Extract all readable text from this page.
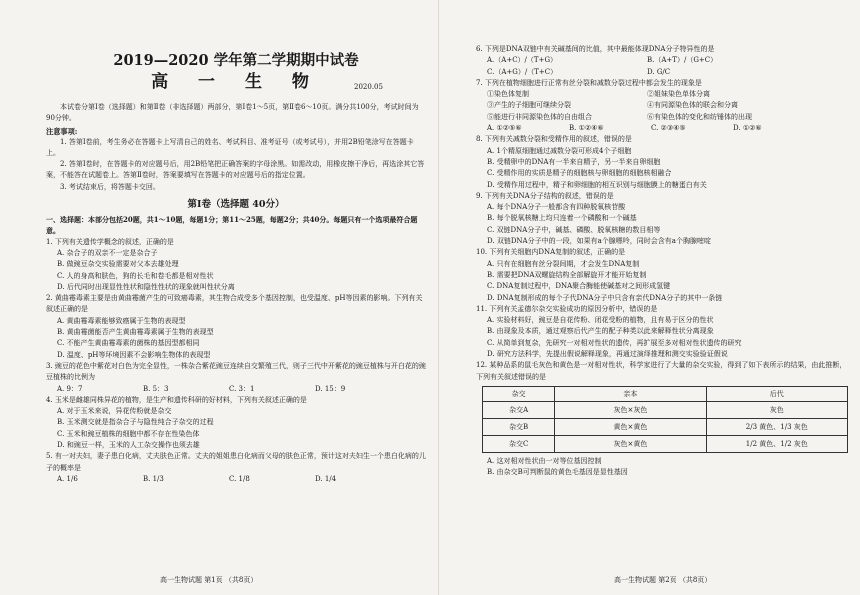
2019—2020 学年第二学期期中试卷
高 一 生 物	2020.05
本试卷分第Ⅰ卷（选择题）和第Ⅱ卷（非选择题）两部分，第Ⅰ卷1～5页，第Ⅱ卷6～10页。满分共100分，考试时间为90分钟。
注意事项:
1. 答第Ⅰ卷前，考生务必在答题卡上写清自己的姓名、考试科目、准考证号（或考试号），并用2B铅笔涂写在答题卡上。
2. 答第Ⅰ卷时，在答题卡的对应题号后，用2B铅笔把正确答案的字母涂黑。如需改动，用橡皮擦干净后，再选涂其它答案，不能答在试题卷上。答第Ⅱ卷时，答案要填写在答题卡的对应题号后的指定位置。
3. 考试结束后，将答题卡交回。
第Ⅰ卷（选择题 40分）
一、选择题：本部分包括20题，共1～10题，每题1分；第11～25题，每题2分；共40分。每题只有一个选项最符合题意。
1. 下列有关遗传学概念的叙述，正确的是
A. 杂合子的双亲不一定是杂合子
B. 做豌豆杂交实验需要对父本去雄处理
C. 人的身高和肤色，狗的长毛和卷毛都是相对性状
D. 后代同时出现显性性状和隐性性状的现象就叫性状分离
2. 黄曲霉毒素主要是由黄曲霉菌产生的可致癌毒素，其生物合成受多个基因控制，也受温度、pH等因素的影响。下列有关叙述正确的是
A. 黄曲霉毒素能够致癌属于生物的表现型
B. 黄曲霉菌能否产生黄曲霉毒素属于生物的表现型
C. 不能产生黄曲霉毒素的菌株的基因型都相同
D. 温度、pH等环境因素不会影响生物体的表现型
3. 豌豆的花色中紫花对白色为完全显性，一株杂合紫花豌豆连续自交繁殖三代，则子三代中开紫花的豌豆植株与开白花的豌豆植株的比例为
A. 9：7	B. 5：3	C. 3：1	D. 15：9
4. 玉米是雌雄同株异花的植物，是生产和遗传科研的好材料，下列有关叙述正确的是
A. 对于玉米来说，异花传粉就是杂交
B. 玉米测交就是指杂合子与隐性纯合子杂交的过程
C. 玉米和豌豆植株的细胞中都不存在性染色体
D. 和豌豆一样，玉米的人工杂交操作也须去雄
5. 有一对夫妇，妻子患白化病，丈夫肤色正常。丈夫的姐姐患白化病而父母的肤色正常，预计这对夫妇生一个患白化病的儿子的概率是
A. 1/6	B. 1/3	C. 1/8	D. 1/4
高一生物试题 第1页 （共8页）
6. 下列是DNA双链中有关碱基间的比值，其中最能体现DNA分子特异性的是
A.（A+C）/（T+G）	B.（A+T）/（G+C）
C.（A+G）/（T+C）	D. G/C
7. 下列在植物细胞进行正常有丝分裂和减数分裂过程中都会发生的现象是
①染色体复制	②姐妹染色单体分离
③产生的子细胞可继续分裂	④有同源染色体的联会和分离
⑤能进行非同源染色体的自由组合	⑥有染色体的变化和纺锤体的出现
A. ①②⑤⑥	B. ①②④⑥	C. ②③④⑤	D. ①②⑥
8. 下列有关减数分裂和受精作用的叙述，错误的是
A. 1个精原细胞通过减数分裂可形成4个子细胞
B. 受精卵中的DNA有一半来自精子，另一半来自卵细胞
C. 受精作用的实质是精子的细胞核与卵细胞的细胞核相融合
D. 受精作用过程中，精子和卵细胞的相互识别与细胞膜上的糖蛋白有关
9. 下列有关DNA分子结构的叙述，错误的是
A. 每个DNA分子一般都含有四种脱氧核苷酸
B. 每个脱氧核糖上均只连着一个磷酸和一个碱基
C. 双链DNA分子中，碱基、磷酸、脱氧核糖的数目相等
D. 双链DNA分子中的一段，如果有a个腺嘌呤，同时会含有a个胸腺嘧啶
10. 下列有关细胞内DNA复制的叙述，正确的是
A. 只有在细胞有丝分裂间期，才会发生DNA复制
B. 需要把DNA双螺旋结构全部解旋开才能开始复制
C. DNA复制过程中，DNA聚合酶能使碱基对之间形成氢键
D. DNA复制形成的每个子代DNA分子中只含有亲代DNA分子的其中一条链
11. 下列有关孟德尔杂交实验成功的原因分析中，错误的是
A. 实验材料好，豌豆是自花传粉、闭花受粉的植物，且有易于区分的性状
B. 由现象及本质，通过观察后代产生的配子种类以此来解释性状分离现象
C. 从简单到复杂，先研究一对相对性状的遗传，再扩展至多对相对性状遗传的研究
D. 研究方法科学，先提出假说解释现象，再通过演绎推理和测交实验验证假说
12. 某种品系的鼠毛灰色和黄色是一对相对性状，科学家进行了大量的杂交实验，得到了如下表所示的结果，由此推断，下列有关叙述错误的是
杂交	亲本	后代
杂交A	灰色×灰色	灰色
杂交B	黄色×黄色	2/3 黄色、1/3 灰色
杂交C	灰色×黄色	1/2 黄色、1/2 灰色
A. 这对相对性状由一对等位基因控制
B. 由杂交B可判断鼠的黄色毛基因是显性基因
高一生物试题 第2页 （共8页）
